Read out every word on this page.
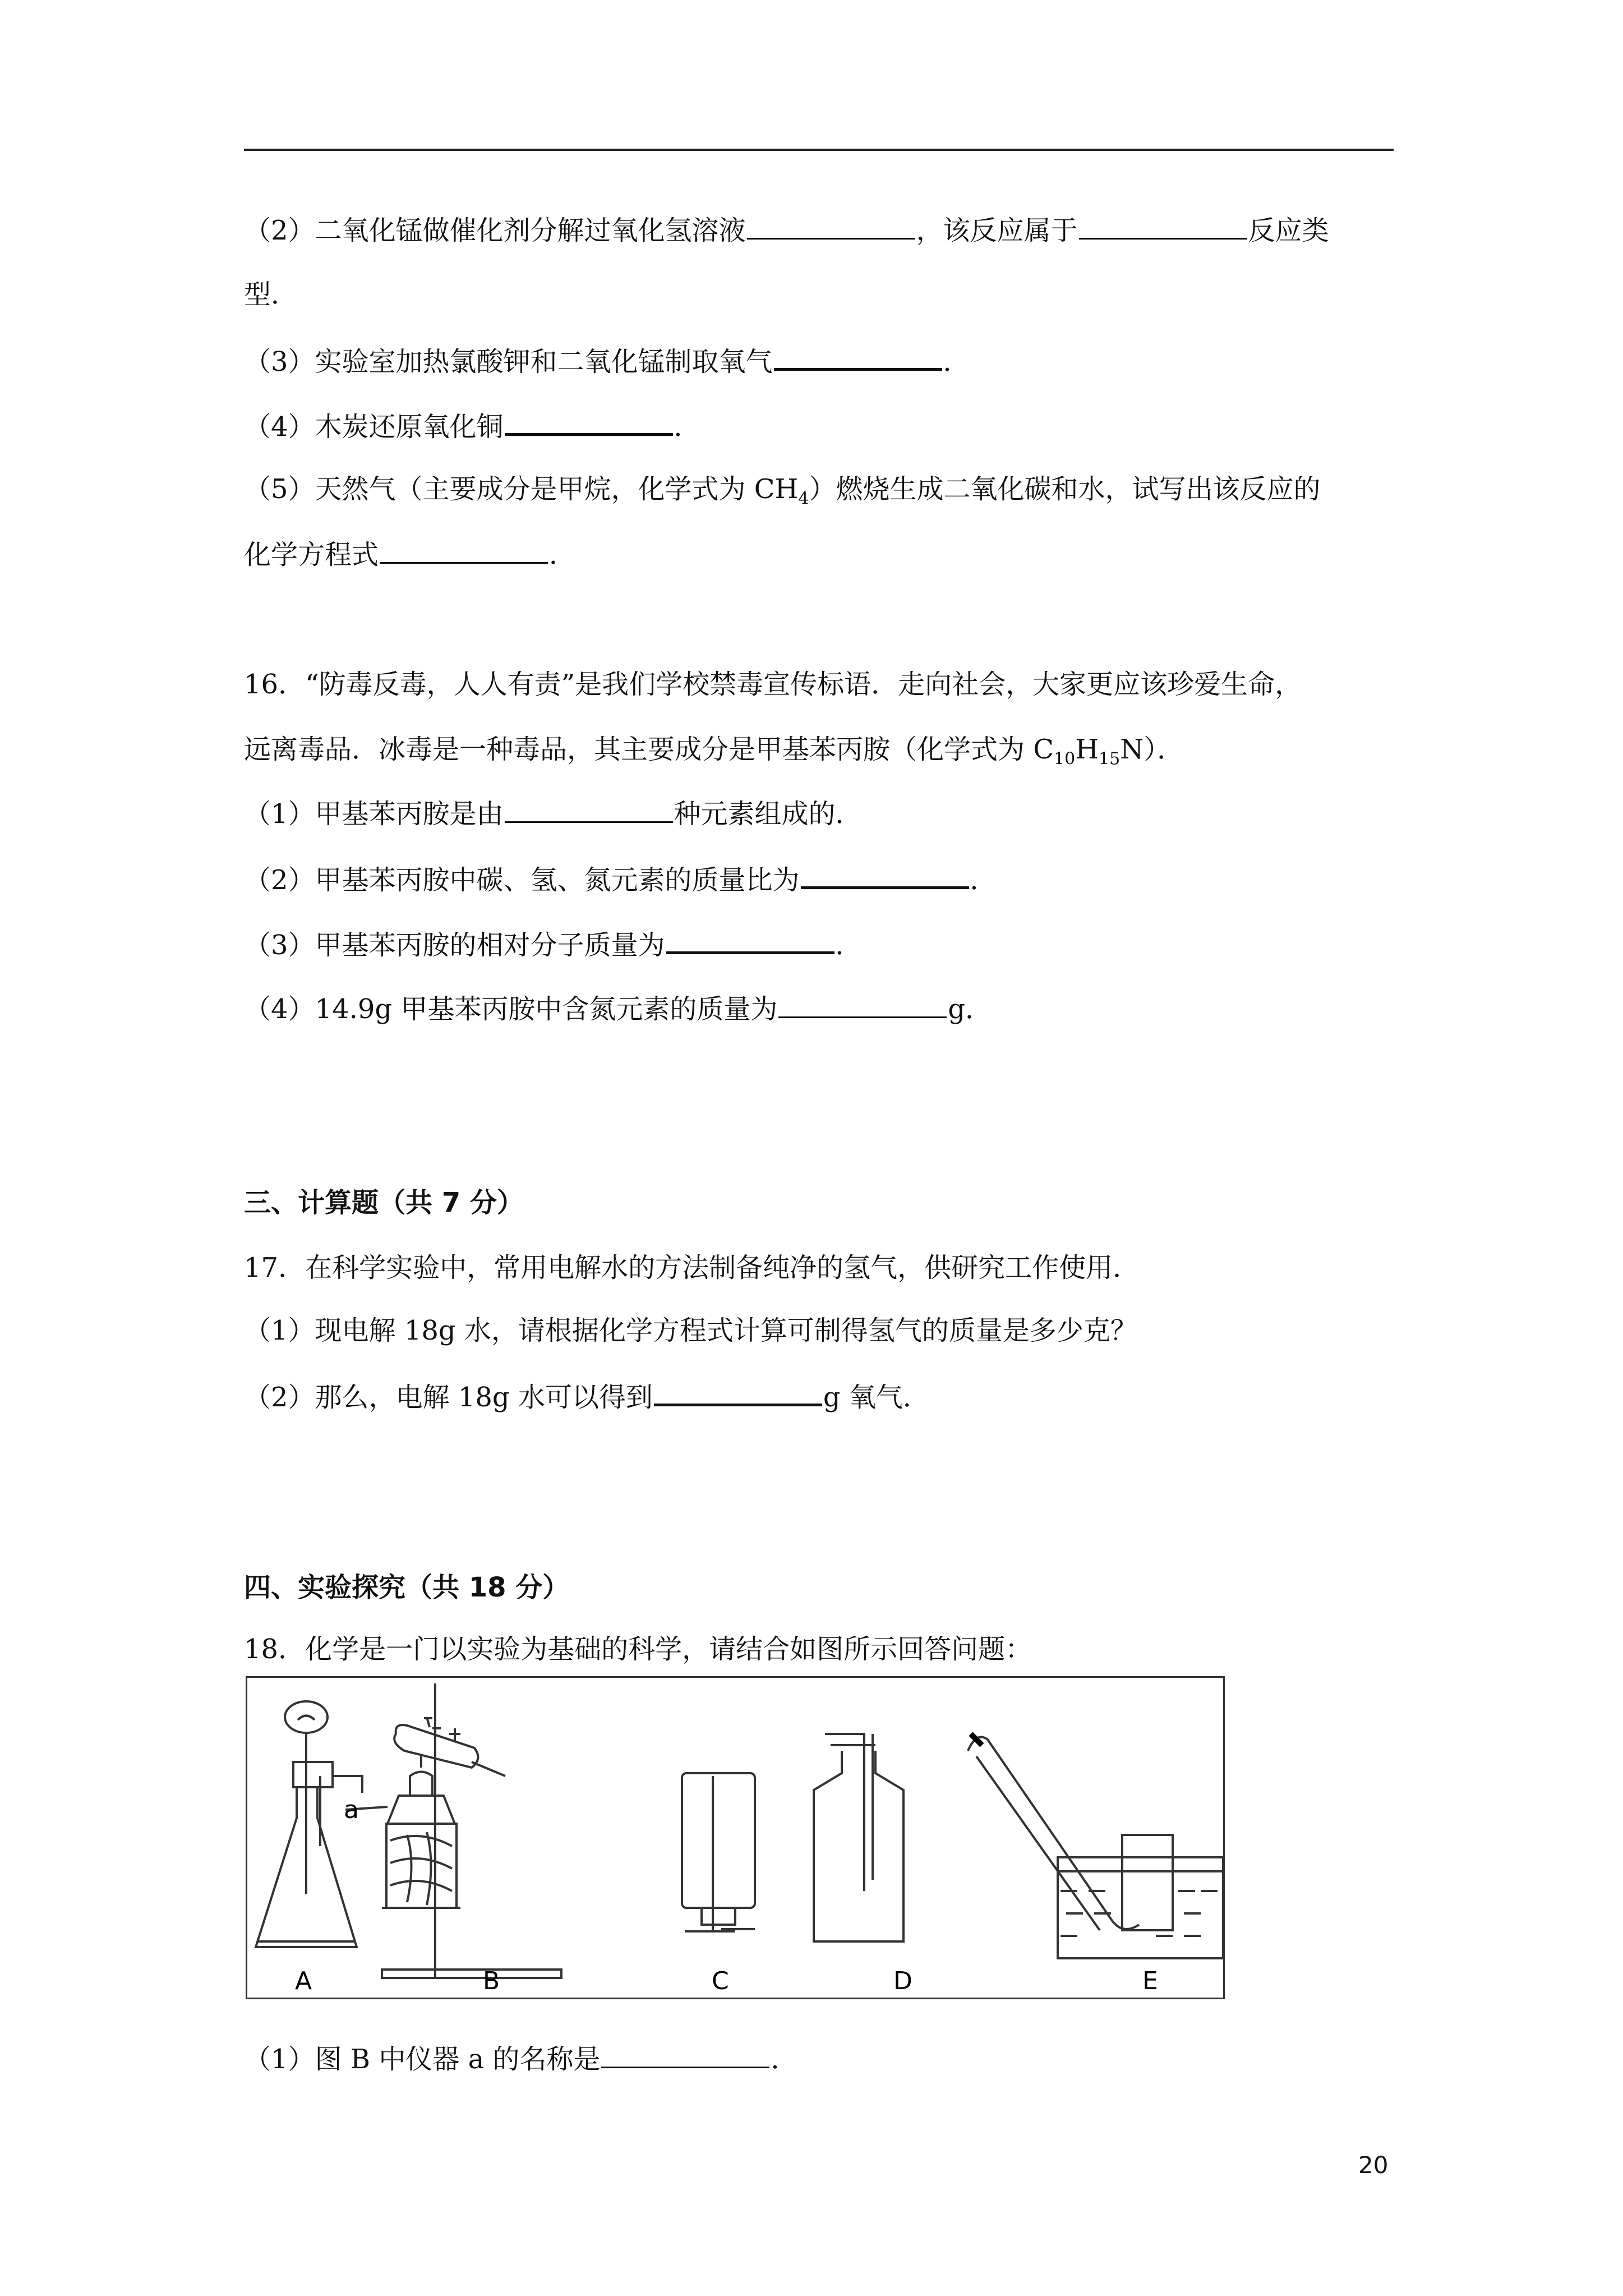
（2）二氧化锰做催化剂分解过氧化氢溶液	，该反应属于	反应类
型．
（3）实验室加热氯酸钾和二氧化锰制取氧气	．
（4）木炭还原氧化铜	．
（5）天然气（主要成分是甲烷，化学式为 $CH_4$）燃烧生成二氧化碳和水，试写出该反应的
化学方程式	．
16．“防毒反毒，人人有责”是我们学校禁毒宣传标语．走向社会，大家更应该珍爱生命，
远离毒品．冰毒是一种毒品，其主要成分是甲基苯丙胺（化学式为 $C_{10}H_{15}N$）．
（1）甲基苯丙胺是由	种元素组成的．
（2）甲基苯丙胺中碳、氢、氮元素的质量比为	．
（3）甲基苯丙胺的相对分子质量为	．
（4）14.9g 甲基苯丙胺中含氮元素的质量为	g．
三、计算题（共 7 分）
17．在科学实验中，常用电解水的方法制备纯净的氢气，供研究工作使用．
（1）现电解 18g 水，请根据化学方程式计算可制得氢气的质量是多少克？
（2）那么，电解 18g 水可以得到	g 氧气．
四、实验探究（共 18 分）
18．化学是一门以实验为基础的科学，请结合如图所示回答问题：
a
A	B	C	D	E
（1）图 B 中仪器 a 的名称是	．
20
